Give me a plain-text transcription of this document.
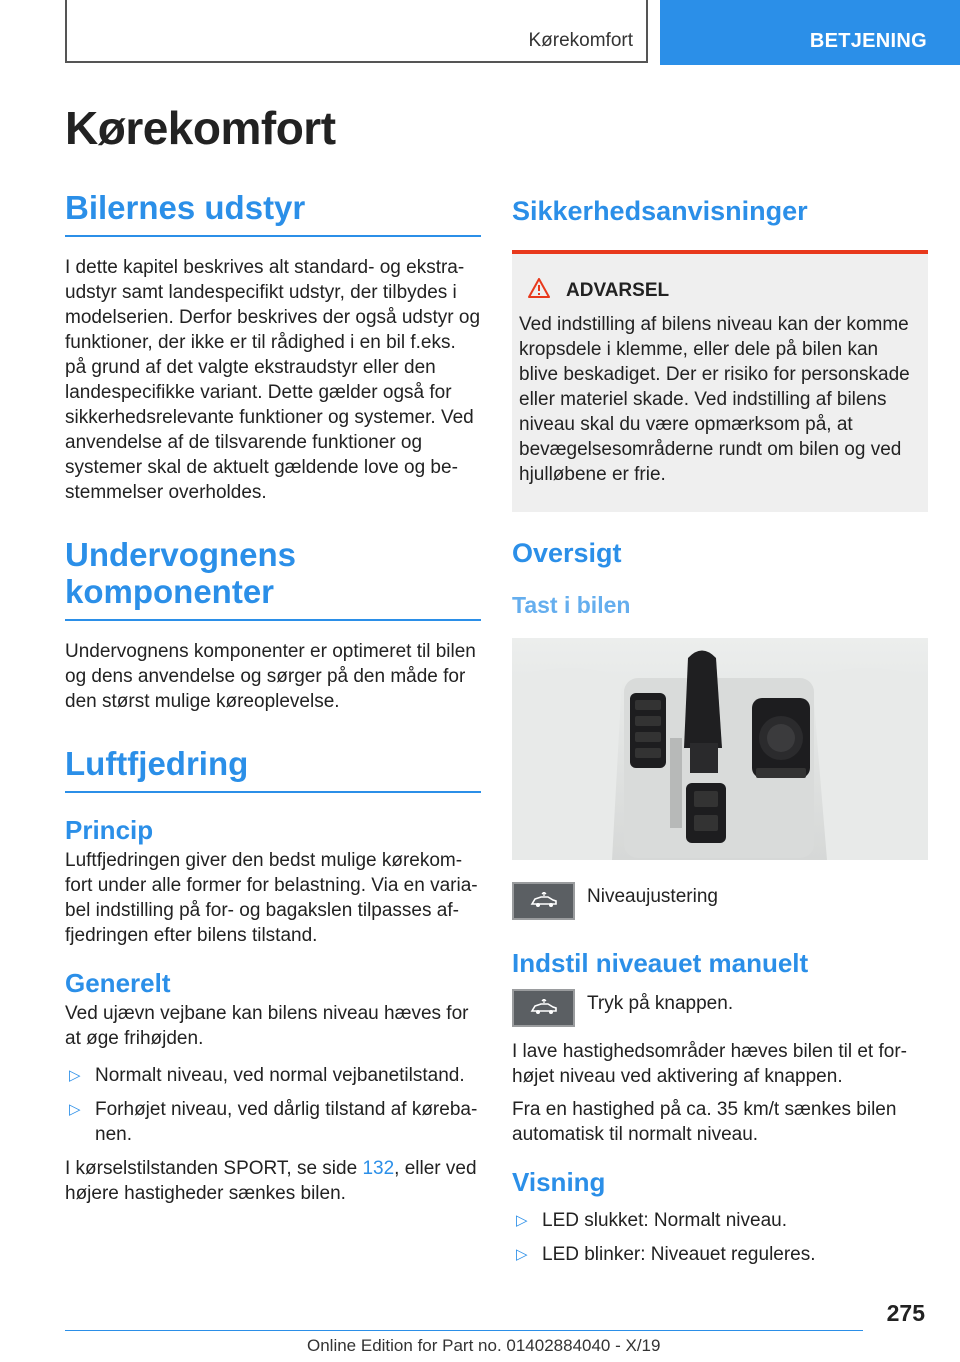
Kørekomfort	BETJENING
Kørekomfort
Bilernes udstyr

I dette kapitel beskrives alt standard- og ekstraudstyr samt landespecifikt udstyr, der tilbydes i modelserien. Derfor beskrives der også udstyr og funktioner, der ikke er til rådighed i en bil f.eks. på grund af det valgte ekstraudstyr eller den landespecifikke variant. Dette gælder også for sikkerhedsrelevante funktioner og systemer. Ved anvendelse af de tilsvarende funktioner og systemer skal de aktuelt gældende love og bestemmelser overholdes.

Undervognens komponenter

Undervognens komponenter er optimeret til bilen og dens anvendelse og sørger på den måde for den størst mulige køreoplevelse.

Luftfjedring
Princip

Luftfjedringen giver den bedst mulige kørekomfort under alle former for belastning. Via en variabel indstilling på for- og bagakslen tilpasses affjedringen efter bilens tilstand.

Generelt

Ved ujævn vejbane kan bilens niveau hæves for at øge frihøjden.

▷ Normalt niveau, ved normal vejbanetilstand.
▷ Forhøjet niveau, ved dårlig tilstand af kørebanen.

I kørselstilstanden SPORT, se side 132, eller ved højere hastigheder sænkes bilen.

Sikkerhedsanvisninger
ADVARSEL

Ved indstilling af bilens niveau kan der komme kropsdele i klemme, eller dele på bilen kan blive beskadiget. Der er risiko for personskade eller materiel skade. Ved indstilling af bilens niveau skal du være opmærksom på, at bevægelsesområderne rundt om bilen og ved hjulløbene er frie.

Oversigt
Tast i bilen
Niveaujustering
Indstil niveauet manuelt
Tryk på knappen.

I lave hastighedsområder hæves bilen til et forhøjet niveau ved aktivering af knappen.

Fra en hastighed på ca. 35 km/t sænkes bilen automatisk til normalt niveau.

Visning
▷ LED slukket: Normalt niveau.
▷ LED blinker: Niveauet reguleres.
275
Online Edition for Part no. 01402884040 - X/19
